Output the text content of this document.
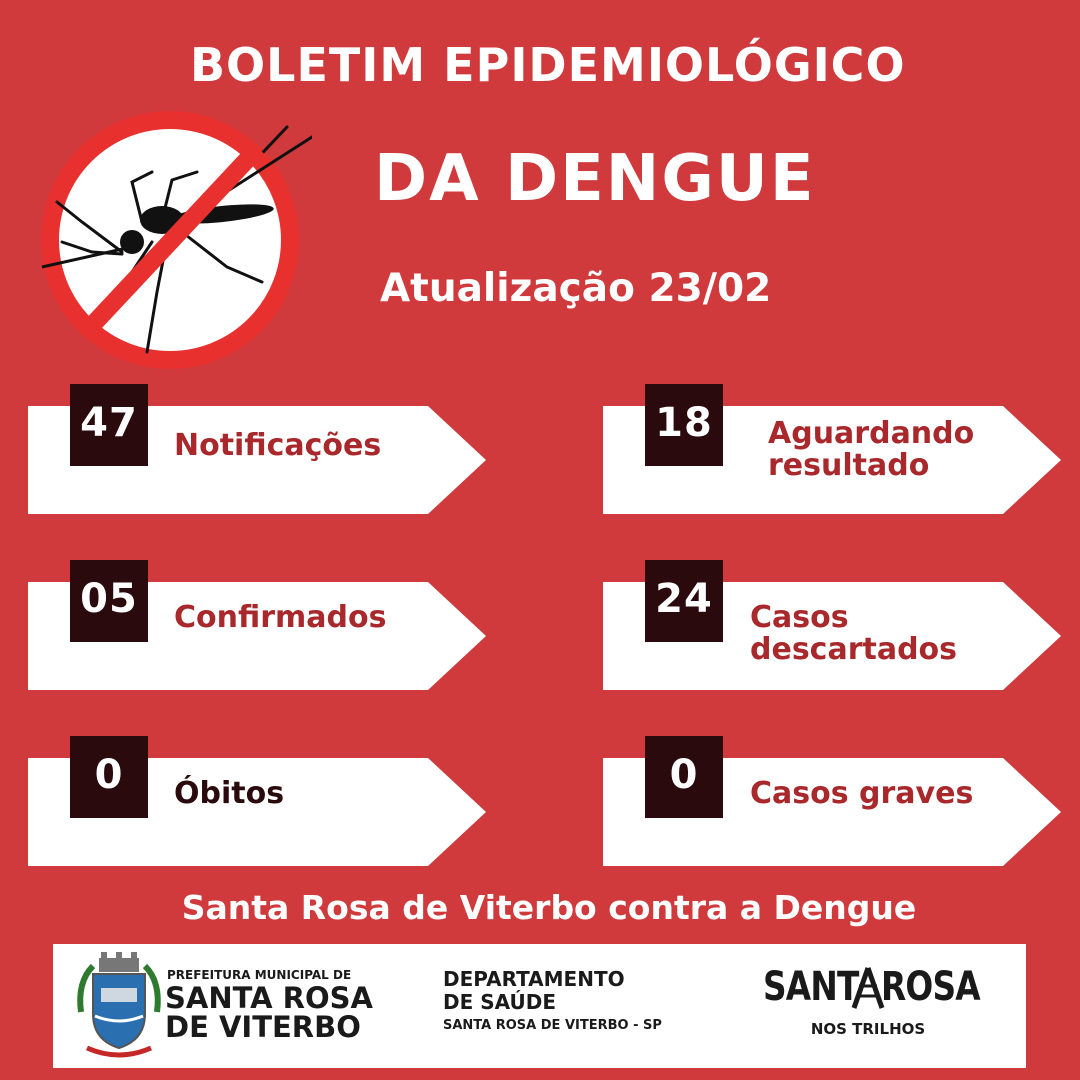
BOLETIM EPIDEMIOLÓGICO
DA DENGUE
Atualização 23/02
47	Notificações	18	Aguardando
resultado
05	Confirmados	24	Casos
descartados
0	Óbitos	0	Casos graves
Santa Rosa de Viterbo contra a Dengue
PREFEITURA MUNICIPAL DE
SANTA ROSA
DE VITERBO
DEPARTAMENTO
DE SAÚDE
SANTA ROSA DE VITERBO - SP
SANT ROSA
NOS TRILHOS
